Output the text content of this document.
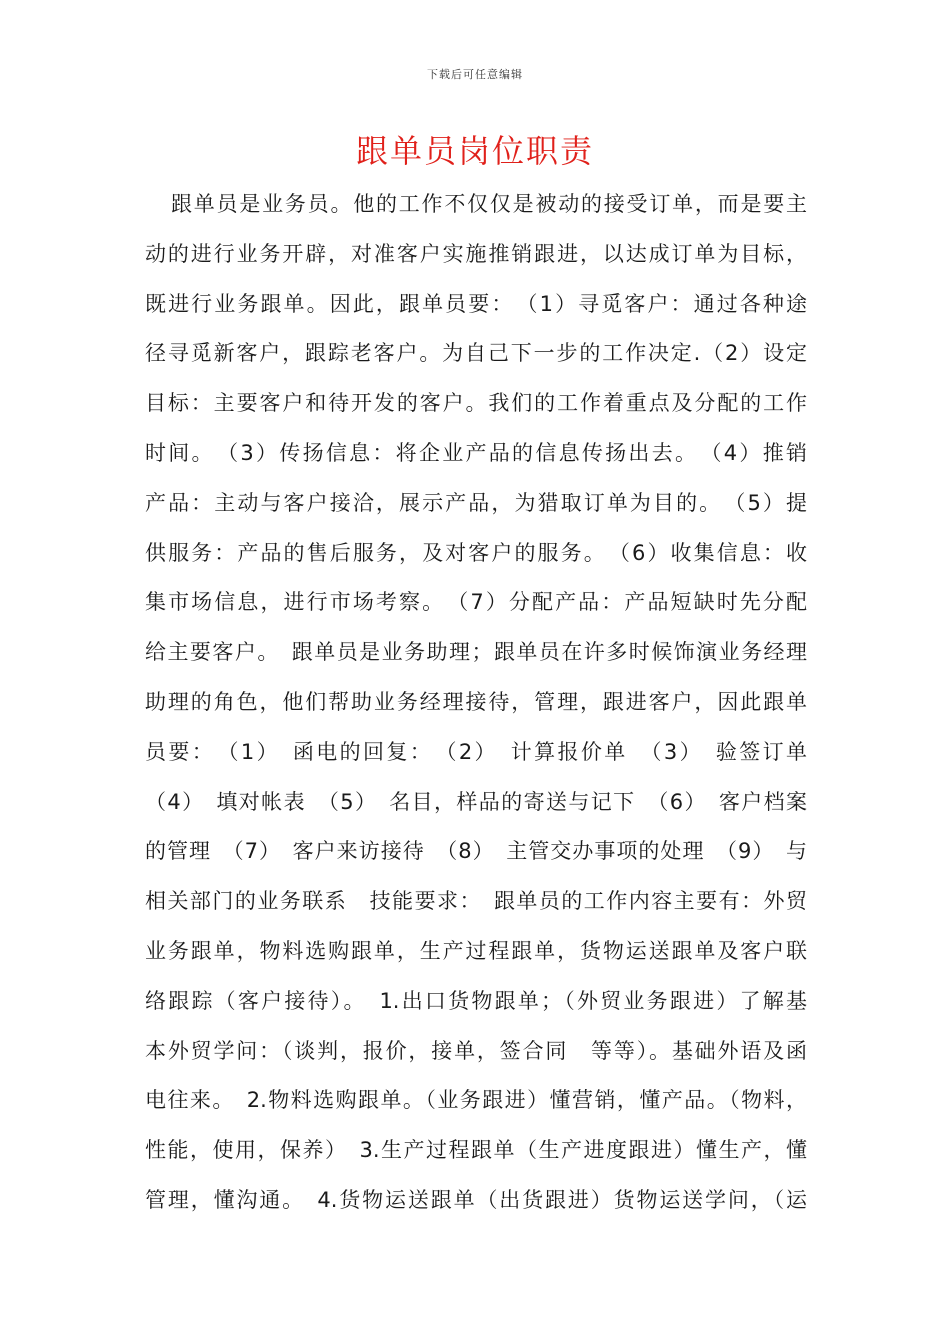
下载后可任意编辑
跟单员岗位职责
跟单员是业务员。他的工作不仅仅是被动的接受订单，而是要主
动的进行业务开辟，对准客户实施推销跟进，以达成订单为目标，
既进行业务跟单。因此，跟单员要：　（1）寻觅客户：通过各种途
径寻觅新客户，跟踪老客户。为自己下一步的工作决定.（2）设定
目标：主要客户和待开发的客户。我们的工作着重点及分配的工作
时间。　（3）传扬信息：将企业产品的信息传扬出去。　（4）推销
产品：主动与客户接洽，展示产品，为猎取订单为目的。　（5）提
供服务：产品的售后服务，及对客户的服务。　（6）收集信息：收
集市场信息，进行市场考察。　（7）分配产品：产品短缺时先分配
给主要客户。　跟单员是业务助理；跟单员在许多时候饰演业务经理
助理的角色，他们帮助业务经理接待，管理，跟进客户，因此跟单
员要：　（1）　函电的回复：　（2）　计算报价单　（3）　验签订单
（4）　填对帐表　（5）　名目，样品的寄送与记下　（6）　客户档案
的管理　（7）　客户来访接待　（8）　主管交办事项的处理　（9）　与
相关部门的业务联系　技能要求：　跟单员的工作内容主要有：外贸
业务跟单，物料选购跟单，生产过程跟单，货物运送跟单及客户联
络跟踪（客户接待）。　1.出口货物跟单；（外贸业务跟进）了解基
本外贸学问：（谈判，报价，接单，签合同　等等）。基础外语及函
电往来。　2.物料选购跟单。（业务跟进）懂营销，懂产品。（物料，
性能，使用，保养）　3.生产过程跟单（生产进度跟进）懂生产，懂
管理，懂沟通。　4.货物运送跟单（出货跟进）货物运送学问，（运
